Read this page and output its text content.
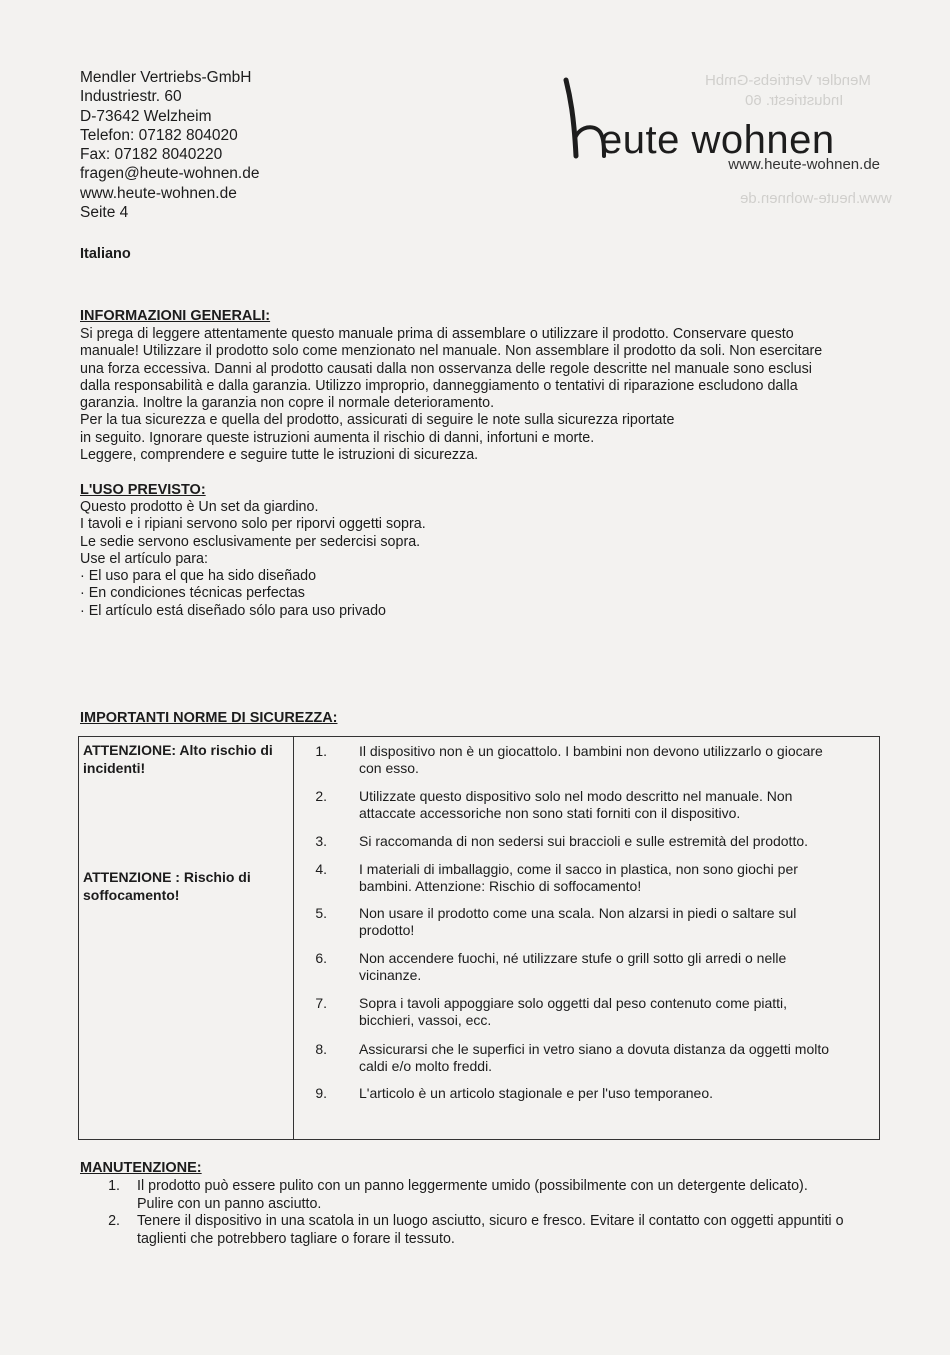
Mendler Vertriebs-GmbH
Industriestr. 60
www.heute-wohnen.de
Mendler Vertriebs-GmbH
Industriestr. 60
D-73642 Welzheim
Telefon: 07182 804020
Fax: 07182 8040220
fragen@heute-wohnen.de
www.heute-wohnen.de
Seite 4
eute wohnen
www.heute-wohnen.de
Italiano
INFORMAZIONI GENERALI:
Si prega di leggere attentamente questo manuale prima di assemblare o utilizzare il prodotto. Conservare questo
manuale! Utilizzare il prodotto solo come menzionato nel manuale. Non assemblare il prodotto da soli. Non esercitare
una forza eccessiva. Danni al prodotto causati dalla non osservanza delle regole descritte nel manuale sono esclusi
dalla responsabilità e dalla garanzia. Utilizzo improprio, danneggiamento o tentativi di riparazione escludono dalla
garanzia. Inoltre la garanzia non copre il normale deterioramento.
Per la tua sicurezza e quella del prodotto, assicurati di seguire le note sulla sicurezza riportate
in seguito. Ignorare queste istruzioni aumenta il rischio di danni, infortuni e morte.
Leggere, comprendere e seguire tutte le istruzioni di sicurezza.
L'USO PREVISTO:
Questo prodotto è Un set da giardino.
I tavoli e i ripiani servono solo per riporvi oggetti sopra.
Le sedie servono esclusivamente per sedercisi sopra.
Use el artículo para:
· El uso para el que ha sido diseñado
· En condiciones técnicas perfectas
· El artículo está diseñado sólo para uso privado
IMPORTANTI NORME DI SICUREZZA:
ATTENZIONE: Alto rischio di
incidenti!
ATTENZIONE : Rischio di
soffocamento!
1. Il dispositivo non è un giocattolo. I bambini non devono utilizzarlo o giocare
con esso.
2. Utilizzate questo dispositivo solo nel modo descritto nel manuale. Non
attaccate accessoriche non sono stati forniti con il dispositivo.
3. Si raccomanda di non sedersi sui braccioli e sulle estremità del prodotto.
4. I materiali di imballaggio, come il sacco in plastica, non sono giochi per
bambini. Attenzione: Rischio di soffocamento!
5. Non usare il prodotto come una scala. Non alzarsi in piedi o saltare sul
prodotto!
6. Non accendere fuochi, né utilizzare stufe o grill sotto gli arredi o nelle
vicinanze.
7. Sopra i tavoli appoggiare solo oggetti dal peso contenuto come piatti,
bicchieri, vassoi, ecc.
8. Assicurarsi che le superfici in vetro siano a dovuta distanza da oggetti molto
caldi e/o molto freddi.
9. L'articolo è un articolo stagionale e per l'uso temporaneo.
MANUTENZIONE:
1. Il prodotto può essere pulito con un panno leggermente umido (possibilmente con un detergente delicato).
Pulire con un panno asciutto.
2. Tenere il dispositivo in una scatola in un luogo asciutto, sicuro e fresco. Evitare il contatto con oggetti appuntiti o
taglienti che potrebbero tagliare o forare il tessuto.
